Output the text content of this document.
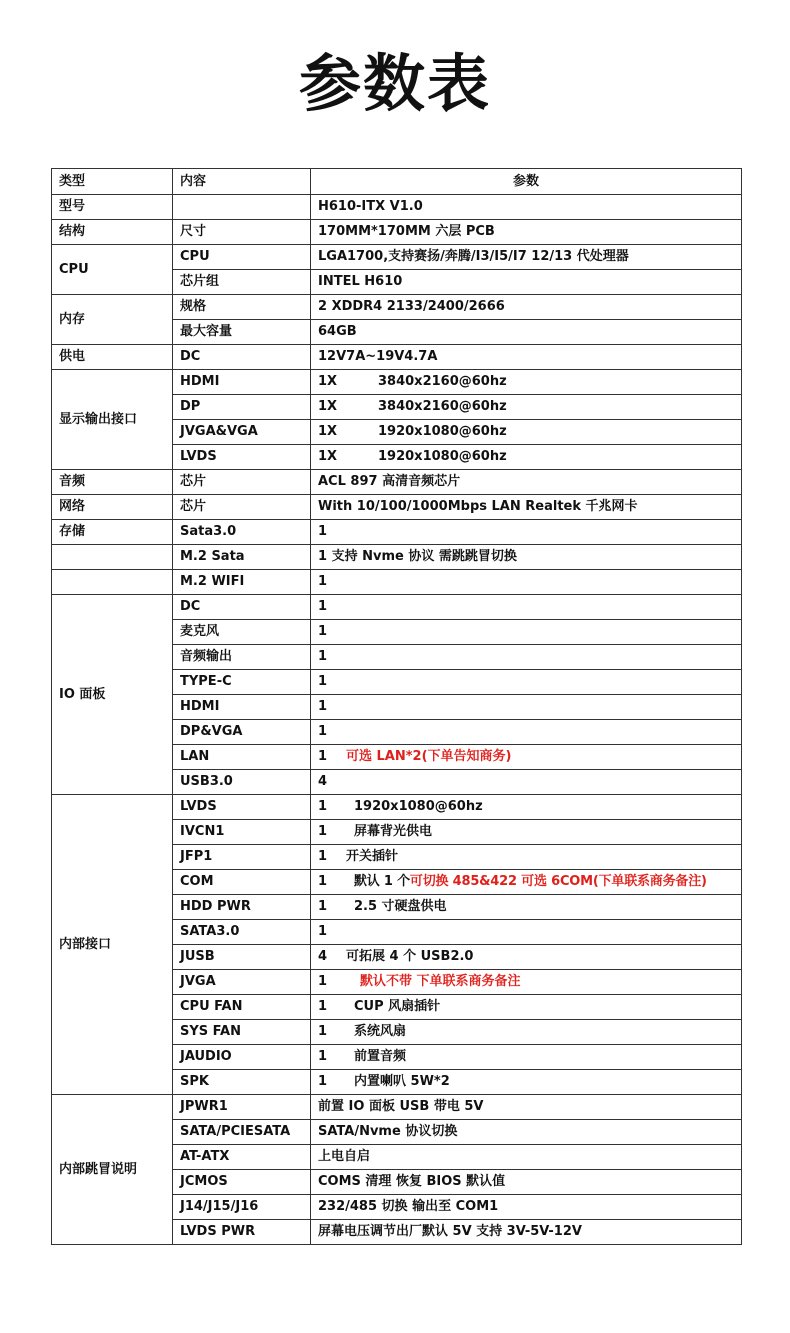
参数表
类型	内容	参数
型号		H610-ITX V1.0
结构	尺寸	170MM*170MM 六层 PCB
CPU	CPU	LGA1700,支持赛扬/奔腾/I3/I5/I7 12/13 代处理器
	芯片组	INTEL H610
内存	规格	2 XDDR4 2133/2400/2666
	最大容量	64GB
供电	DC	12V7A~19V4.7A
显示输出接口	HDMI	1X 3840x2160@60hz
	DP	1X 3840x2160@60hz
	JVGA&VGA	1X 1920x1080@60hz
	LVDS	1X 1920x1080@60hz
音频	芯片	ACL 897 高清音频芯片
网络	芯片	With 10/100/1000Mbps LAN Realtek 千兆网卡
存储	Sata3.0	1
	M.2 Sata	1 支持 Nvme 协议 需跳跳冒切换
	M.2 WIFI	1
IO 面板	DC	1
	麦克风	1
	音频输出	1
	TYPE-C	1
	HDMI	1
	DP&VGA	1
	LAN	1 可选 LAN*2(下单告知商务)
	USB3.0	4
内部接口	LVDS	1 1920x1080@60hz
	IVCN1	1 屏幕背光供电
	JFP1	1 开关插针
	COM	1 默认 1 个可切换 485&422 可选 6COM(下单联系商务备注)
	HDD PWR	1 2.5 寸硬盘供电
	SATA3.0	1
	JUSB	4 可拓展 4 个 USB2.0
	JVGA	1 默认不带 下单联系商务备注
	CPU FAN	1 CUP 风扇插针
	SYS FAN	1 系统风扇
	JAUDIO	1 前置音频
	SPK	1 内置喇叭 5W*2
内部跳冒说明	JPWR1	前置 IO 面板 USB 带电 5V
	SATA/PCIESATA	SATA/Nvme 协议切换
	AT-ATX	上电自启
	JCMOS	COMS 清理 恢复 BIOS 默认值
	J14/J15/J16	232/485 切换 输出至 COM1
	LVDS PWR	屏幕电压调节出厂默认 5V 支持 3V-5V-12V
